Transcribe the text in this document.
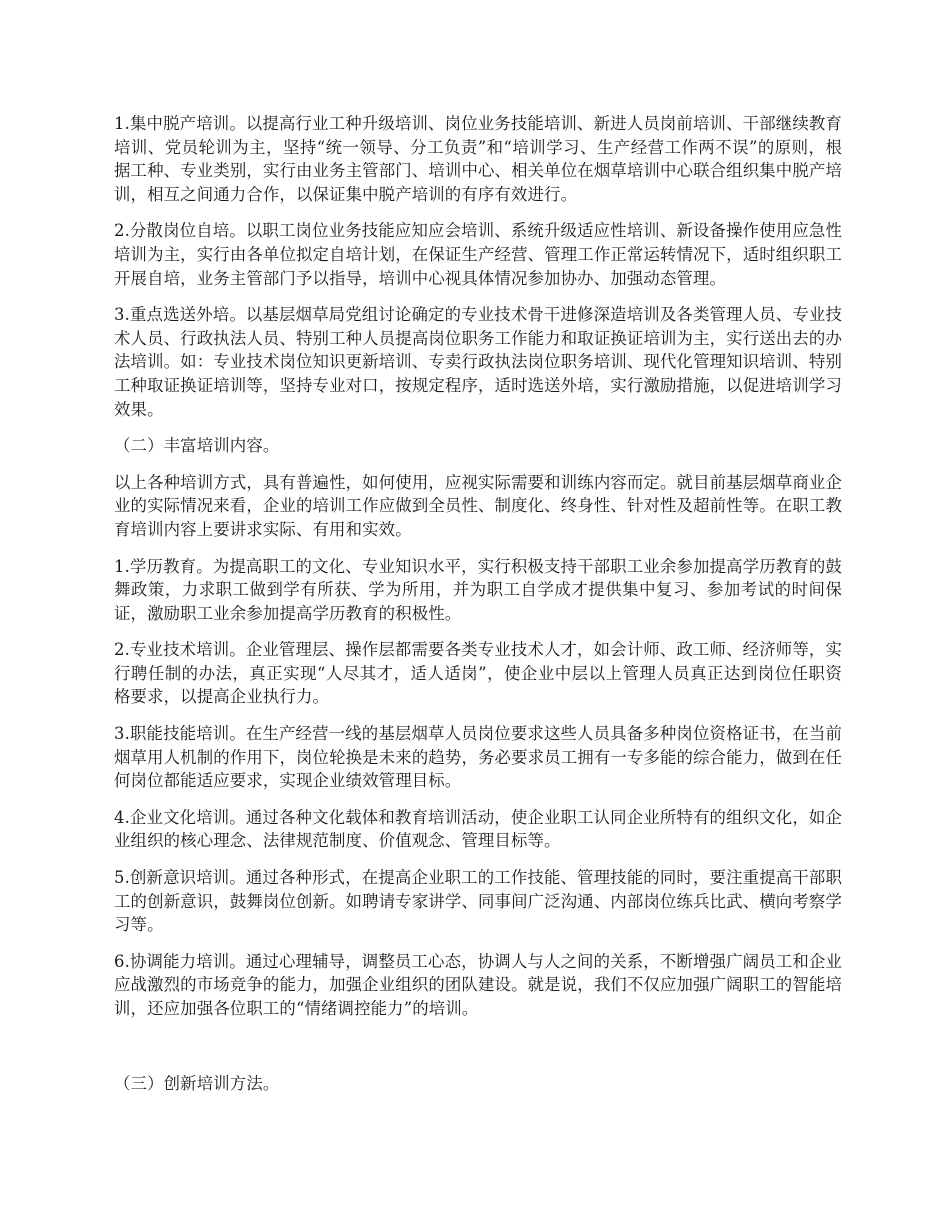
1.集中脱产培训。以提高行业工种升级培训、岗位业务技能培训、新进人员岗前培训、干部继续教育培训、党员轮训为主，坚持“统一领导、分工负责”和“培训学习、生产经营工作两不误”的原则，根据工种、专业类别，实行由业务主管部门、培训中心、相关单位在烟草培训中心联合组织集中脱产培训，相互之间通力合作，以保证集中脱产培训的有序有效进行。

2.分散岗位自培。以职工岗位业务技能应知应会培训、系统升级适应性培训、新设备操作使用应急性培训为主，实行由各单位拟定自培计划，在保证生产经营、管理工作正常运转情况下，适时组织职工开展自培，业务主管部门予以指导，培训中心视具体情况参加协办、加强动态管理。

3.重点选送外培。以基层烟草局党组讨论确定的专业技术骨干进修深造培训及各类管理人员、专业技术人员、行政执法人员、特别工种人员提高岗位职务工作能力和取证换证培训为主，实行送出去的办法培训。如：专业技术岗位知识更新培训、专卖行政执法岗位职务培训、现代化管理知识培训、特别工种取证换证培训等，坚持专业对口，按规定程序，适时选送外培，实行激励措施，以促进培训学习效果。

（二）丰富培训内容。

以上各种培训方式，具有普遍性，如何使用，应视实际需要和训练内容而定。就目前基层烟草商业企业的实际情况来看，企业的培训工作应做到全员性、制度化、终身性、针对性及超前性等。在职工教育培训内容上要讲求实际、有用和实效。

1.学历教育。为提高职工的文化、专业知识水平，实行积极支持干部职工业余参加提高学历教育的鼓舞政策，力求职工做到学有所获、学为所用，并为职工自学成才提供集中复习、参加考试的时间保证，激励职工业余参加提高学历教育的积极性。

2.专业技术培训。企业管理层、操作层都需要各类专业技术人才，如会计师、政工师、经济师等，实行聘任制的办法，真正实现“人尽其才，适人适岗”，使企业中层以上管理人员真正达到岗位任职资格要求，以提高企业执行力。

3.职能技能培训。在生产经营一线的基层烟草人员岗位要求这些人员具备多种岗位资格证书，在当前烟草用人机制的作用下，岗位轮换是未来的趋势，务必要求员工拥有一专多能的综合能力，做到在任何岗位都能适应要求，实现企业绩效管理目标。

4.企业文化培训。通过各种文化载体和教育培训活动，使企业职工认同企业所特有的组织文化，如企业组织的核心理念、法律规范制度、价值观念、管理目标等。

5.创新意识培训。通过各种形式，在提高企业职工的工作技能、管理技能的同时，要注重提高干部职工的创新意识，鼓舞岗位创新。如聘请专家讲学、同事间广泛沟通、内部岗位练兵比武、横向考察学习等。

6.协调能力培训。通过心理辅导，调整员工心态，协调人与人之间的关系，不断增强广阔员工和企业应战激烈的市场竞争的能力，加强企业组织的团队建设。就是说，我们不仅应加强广阔职工的智能培训，还应加强各位职工的“情绪调控能力”的培训。

（三）创新培训方法。
